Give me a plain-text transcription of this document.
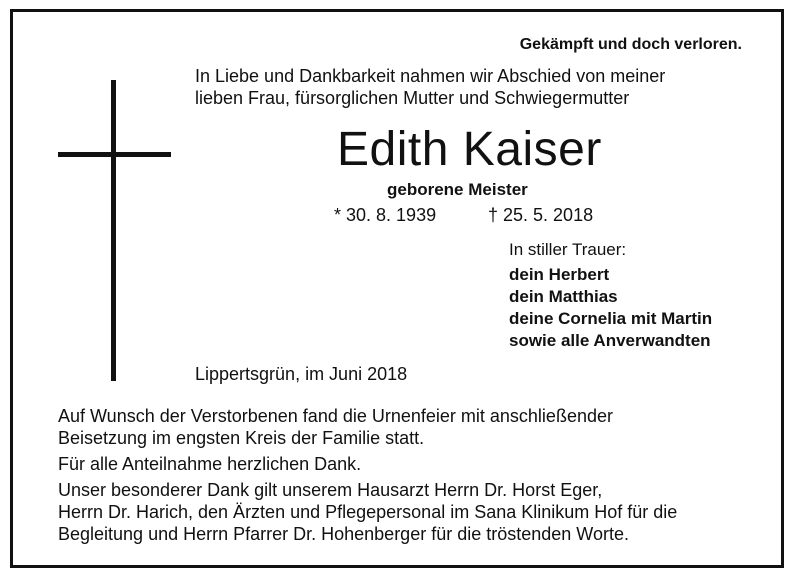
Gekämpft und doch verloren.

In Liebe und Dankbarkeit nahmen wir Abschied von meiner
lieben Frau, fürsorglichen Mutter und Schwiegermutter
Edith Kaiser

geborene Meister

* 30. 8. 1939	† 25. 5. 2018

In stiller Trauer:

dein Herbert
dein Matthias
deine Cornelia mit Martin
sowie alle Anverwandten

Lippertsgrün, im Juni 2018

Auf Wunsch der Verstorbenen fand die Urnenfeier mit anschließender
Beisetzung im engsten Kreis der Familie statt.
Für alle Anteilnahme herzlichen Dank.
Unser besonderer Dank gilt unserem Hausarzt Herrn Dr. Horst Eger,
Herrn Dr. Harich, den Ärzten und Pflegepersonal im Sana Klinikum Hof für die
Begleitung und Herrn Pfarrer Dr. Hohenberger für die tröstenden Worte.
